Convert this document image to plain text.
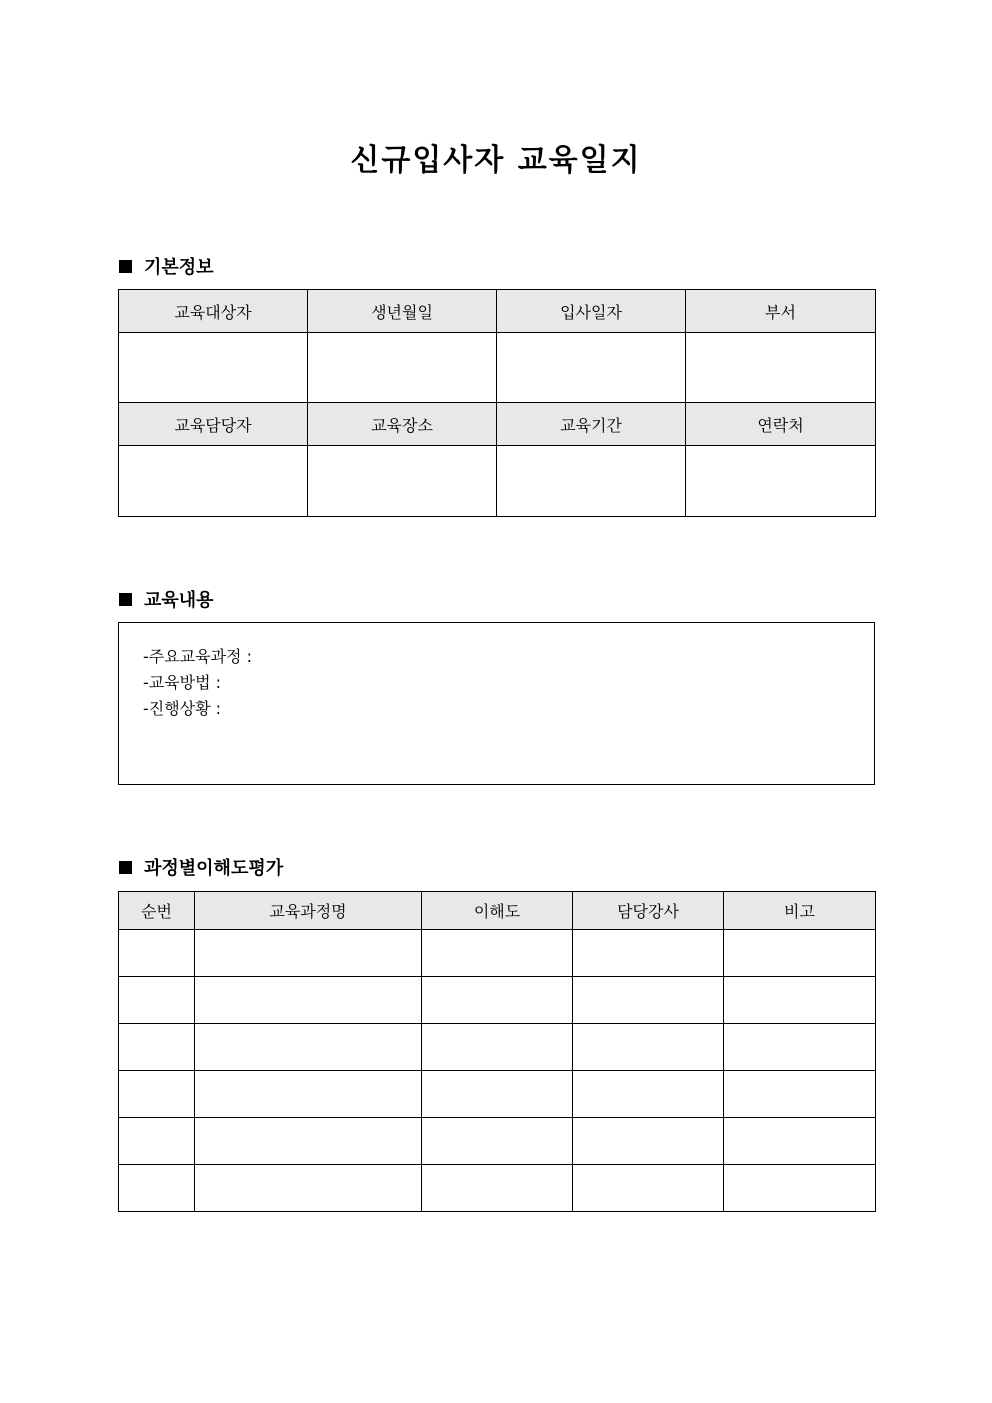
신규입사자 교육일지
기본정보
교육대상자	생년월일	입사일자	부서

교육담당자	교육장소	교육기간	연락처

교육내용
-주요교육과정 :
-교육방법 :
-진행상황 :
과정별이해도평가
순번	교육과정명	이해도	담당강사	비고
